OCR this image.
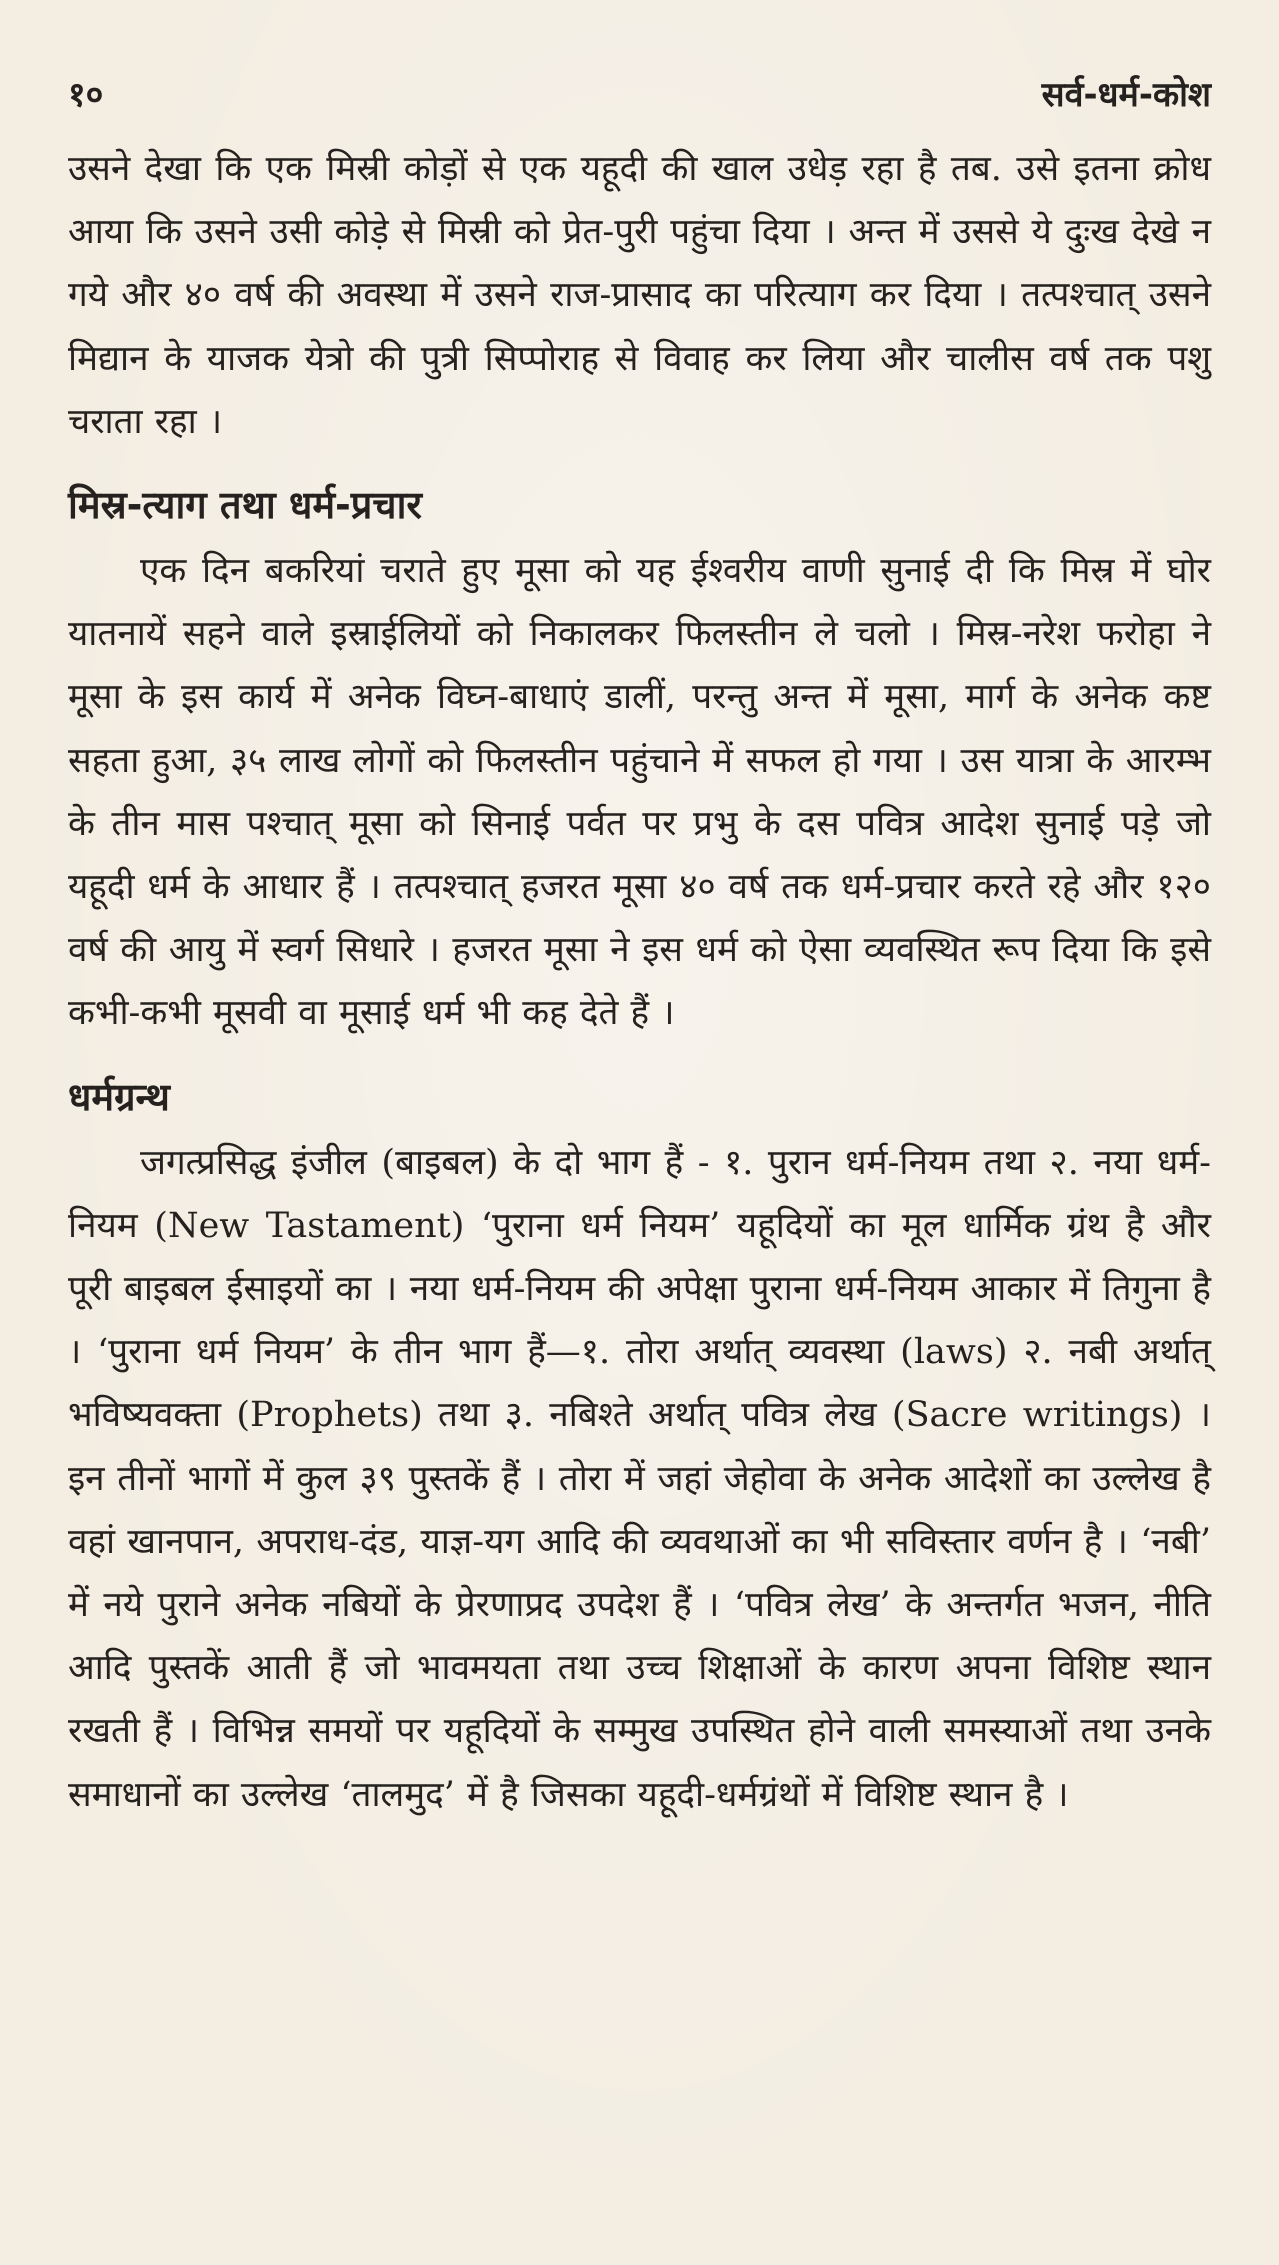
१०	सर्व-धर्म-कोश

उसने देखा कि एक मिस्री कोड़ों से एक यहूदी की खाल उधेड़ रहा है तब. उसे इतना क्रोध आया कि उसने उसी कोड़े से मिस्री को प्रेत-पुरी पहुंचा दिया । अन्त में उससे ये दुःख देखे न गये और ४० वर्ष की अवस्था में उसने राज-प्रासाद का परित्याग कर दिया । तत्पश्चात् उसने मिद्यान के याजक येत्रो की पुत्री सिप्पोराह से विवाह कर लिया और चालीस वर्ष तक पशु चराता रहा ।

मिस्र-त्याग तथा धर्म-प्रचार

एक दिन बकरियां चराते हुए मूसा को यह ईश्वरीय वाणी सुनाई दी कि मिस्र में घोर यातनायें सहने वाले इस्राईलियों को निकालकर फिलस्तीन ले चलो । मिस्र-नरेश फरोहा ने मूसा के इस कार्य में अनेक विघ्न-बाधाएं डालीं, परन्तु अन्त में मूसा, मार्ग के अनेक कष्ट सहता हुआ, ३५ लाख लोगों को फिलस्तीन पहुंचाने में सफल हो गया । उस यात्रा के आरम्भ के तीन मास पश्चात् मूसा को सिनाई पर्वत पर प्रभु के दस पवित्र आदेश सुनाई पड़े जो यहूदी धर्म के आधार हैं । तत्पश्चात् हजरत मूसा ४० वर्ष तक धर्म-प्रचार करते रहे और १२० वर्ष की आयु में स्वर्ग सिधारे । हजरत मूसा ने इस धर्म को ऐसा व्यवस्थित रूप दिया कि इसे कभी-कभी मूसवी वा मूसाई धर्म भी कह देते हैं ।

धर्मग्रन्थ

जगत्प्रसिद्ध इंजील (बाइबल) के दो भाग हैं - १. पुरान धर्म-नियम तथा २. नया धर्म-नियम (New Tastament) ‘पुराना धर्म नियम’ यहूदियों का मूल धार्मिक ग्रंथ है और पूरी बाइबल ईसाइयों का । नया धर्म-नियम की अपेक्षा पुराना धर्म-नियम आकार में तिगुना है । ‘पुराना धर्म नियम’ के तीन भाग हैं—१. तोरा अर्थात् व्यवस्था (laws) २. नबी अर्थात् भविष्यवक्ता (Prophets) तथा ३. नबिश्ते अर्थात् पवित्र लेख (Sacre writings) । इन तीनों भागों में कुल ३९ पुस्तकें हैं । तोरा में जहां जेहोवा के अनेक आदेशों का उल्लेख है वहां खानपान, अपराध-दंड, याज्ञ-यग आदि की व्यवथाओं का भी सविस्तार वर्णन है । ‘नबी’ में नये पुराने अनेक नबियों के प्रेरणाप्रद उपदेश हैं । ‘पवित्र लेख’ के अन्तर्गत भजन, नीति आदि पुस्तकें आती हैं जो भावमयता तथा उच्च शिक्षाओं के कारण अपना विशिष्ट स्थान रखती हैं । विभिन्न समयों पर यहूदियों के सम्मुख उपस्थित होने वाली समस्याओं तथा उनके समाधानों का उल्लेख ‘तालमुद’ में है जिसका यहूदी-धर्मग्रंथों में विशिष्ट स्थान है ।
